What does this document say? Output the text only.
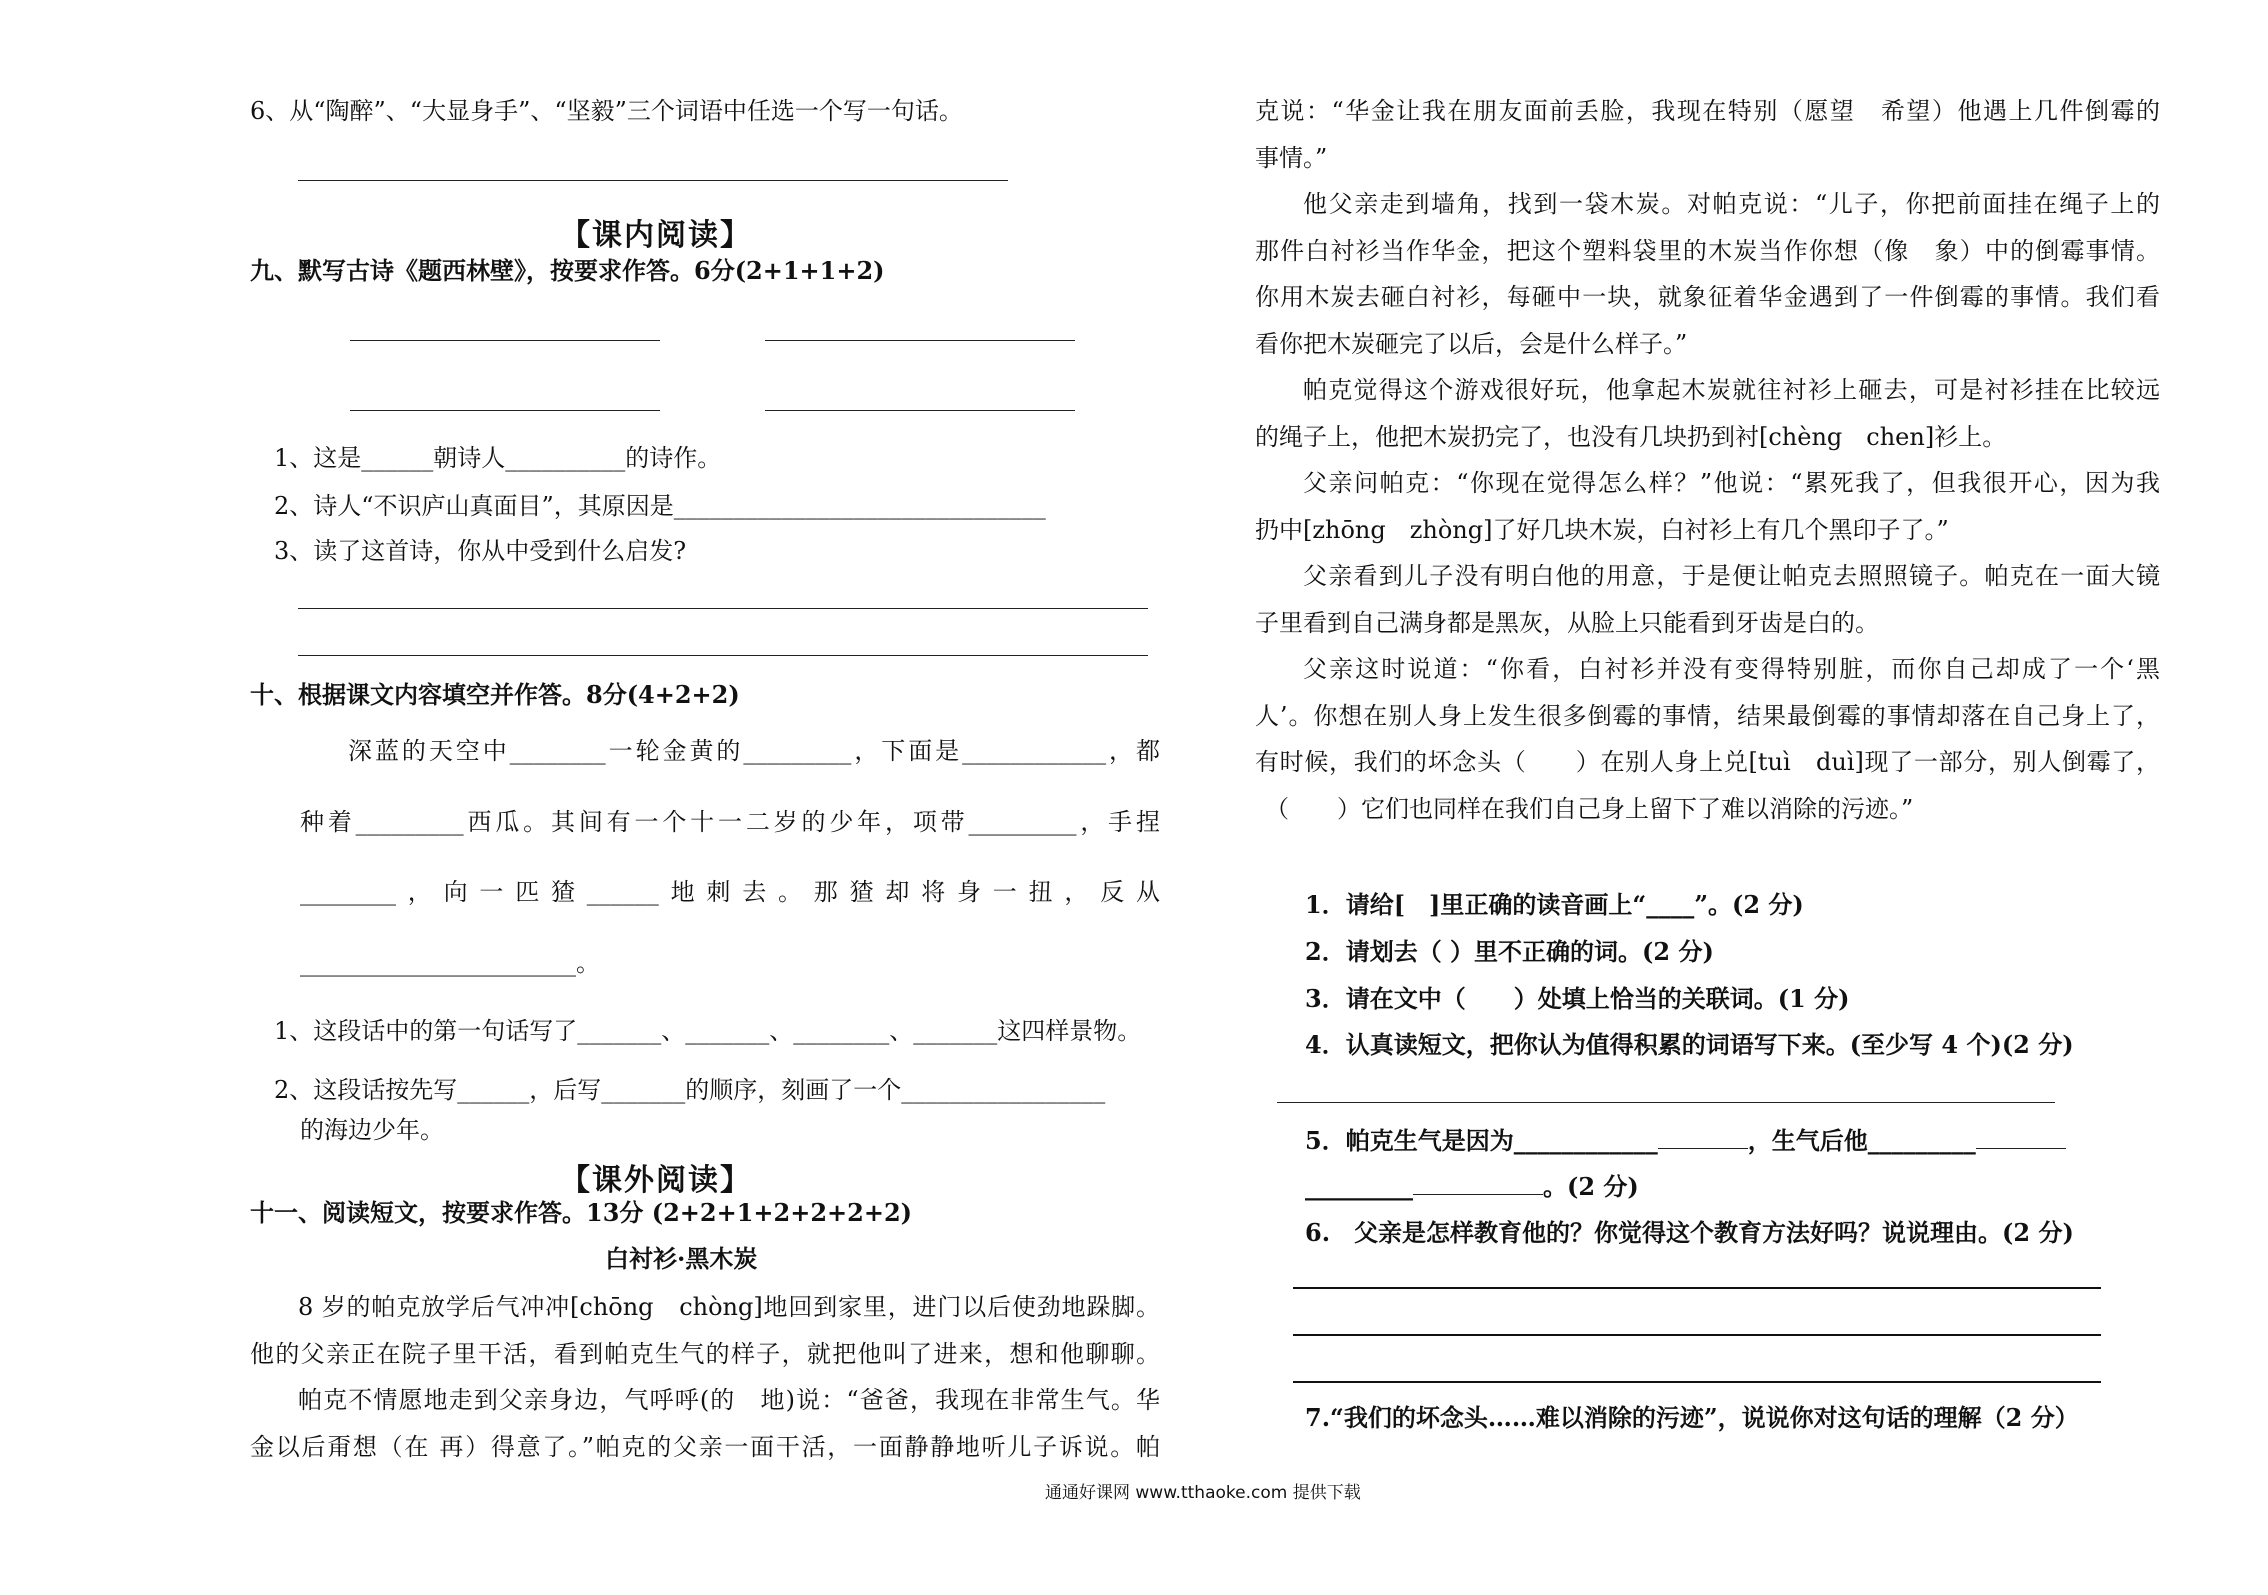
6、从“陶醉”、“大显身手”、“坚毅”三个词语中任选一个写一句话。
【课内阅读】
九、默写古诗《题西林壁》，按要求作答。6分(2+1+1+2)
1、这是______朝诗人__________的诗作。
2、诗人“不识庐山真面目”，其原因是_______________________________
3、读了这首诗，你从中受到什么启发?
十、根据课文内容填空并作答。8分(4+2+2)

深蓝的天空中________一轮金黄的_________，下面是____________，都

种着_________西瓜。其间有一个十一二岁的少年，项带_________，手捏

________，向一匹猹______地刺去。那猹却将身一扭，反从

_______________________。

1、这段话中的第一句话写了_______、_______、________、_______这四样景物。
2、这段话按先写______，后写_______的顺序，刻画了一个_________________
的海边少年。
【课外阅读】
十一、阅读短文，按要求作答。13分 (2+2+1+2+2+2+2)
白衬衫·黑木炭

8 岁的帕克放学后气冲冲[chōng　chòng]地回到家里，进门以后使劲地跺脚。

他的父亲正在院子里干活，看到帕克生气的样子，就把他叫了进来，想和他聊聊。

帕克不情愿地走到父亲身边，气呼呼(的　地)说：“爸爸，我现在非常生气。华

金以后甭想（在 再）得意了。”帕克的父亲一面干活，一面静静地听儿子诉说。帕

克说：“华金让我在朋友面前丢脸，我现在特别（愿望　希望）他遇上几件倒霉的

事情。”

他父亲走到墙角，找到一袋木炭。对帕克说：“儿子，你把前面挂在绳子上的

那件白衬衫当作华金，把这个塑料袋里的木炭当作你想（像　象）中的倒霉事情。

你用木炭去砸白衬衫，每砸中一块，就象征着华金遇到了一件倒霉的事情。我们看

看你把木炭砸完了以后，会是什么样子。”

帕克觉得这个游戏很好玩，他拿起木炭就往衬衫上砸去，可是衬衫挂在比较远

的绳子上，他把木炭扔完了，也没有几块扔到衬[chèng　chen]衫上。

父亲问帕克：“你现在觉得怎么样？”他说：“累死我了，但我很开心，因为我

扔中[zhōng　zhòng]了好几块木炭，白衬衫上有几个黑印子了。”

父亲看到儿子没有明白他的用意，于是便让帕克去照照镜子。帕克在一面大镜

子里看到自己满身都是黑灰，从脸上只能看到牙齿是白的。

父亲这时说道：“你看，白衬衫并没有变得特别脏，而你自己却成了一个‘黑

人’。你想在别人身上发生很多倒霉的事情，结果最倒霉的事情却落在自己身上了，

有时候，我们的坏念头（　　）在别人身上兑[tuì　duì]现了一部分，别人倒霉了，

（　　）它们也同样在我们自己身上留下了难以消除的污迹。”

1．请给[　]里正确的读音画上“____”。(2 分)
2．请划去（ ）里不正确的词。(2 分)
3．请在文中（　　）处填上恰当的关联词。(1 分)
4．认真读短文，把你认为值得积累的词语写下来。(至少写 4 个)(2 分)
5．帕克生气是因为____________	，生气后他_________
_________	。(2 分)
6.　父亲是怎样教育他的？你觉得这个教育方法好吗？说说理由。(2 分)
7.“我们的坏念头……难以消除的污迹”，说说你对这句话的理解（2 分）
通通好课网 www.tthaoke.com 提供下载
